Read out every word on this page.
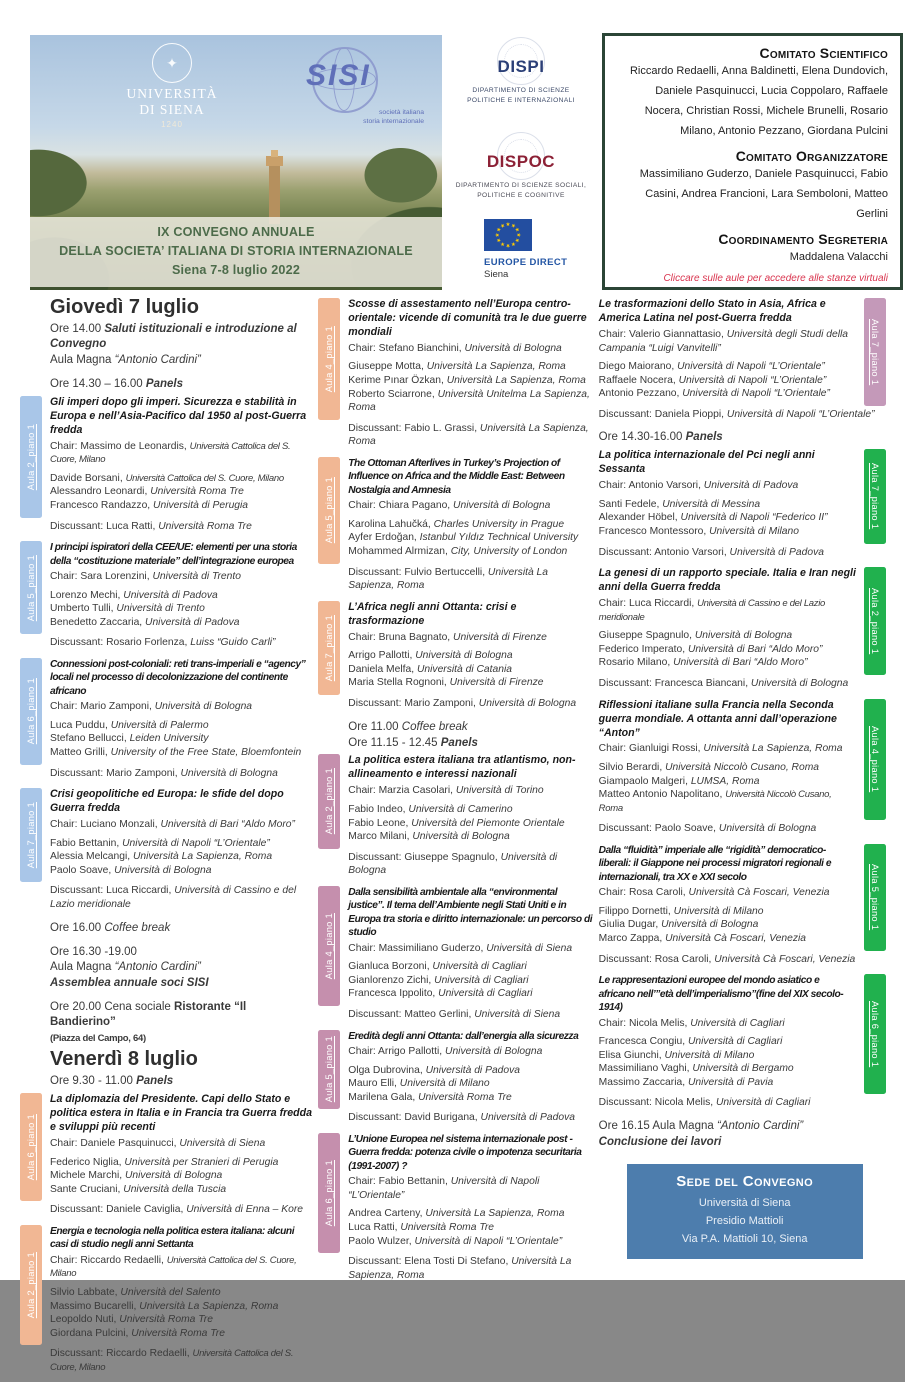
✦
UNIVERSITÀ
DI SIENA
1240
SISI
società italiana
storia internazionale
IX CONVEGNO ANNUALE
DELLA SOCIETA’ ITALIANA DI STORIA INTERNAZIONALE
Siena 7-8 luglio 2022
DISPI
DIPARTIMENTO DI SCIENZE
POLITICHE E INTERNAZIONALI
DISPOC
DIPARTIMENTO DI SCIENZE SOCIALI,
POLITICHE E COGNITIVE
★
★
★
★
★
★
★
★
★
★
★
★
EUROPE DIRECT
Siena
Comitato Scientifico
Riccardo Redaelli, Anna Baldinetti, Elena Dundovich, Daniele Pasquinucci, Lucia Coppolaro, Raffaele Nocera, Christian Rossi, Michele Brunelli, Rosario Milano, Antonio Pezzano, Giordana Pulcini
Comitato Organizzatore
Massimiliano Guderzo, Daniele Pasquinucci, Fabio Casini, Andrea Francioni, Lara Semboloni, Matteo Gerlini
Coordinamento Segreteria
Maddalena Valacchi
Cliccare sulle aule per accedere alle stanze virtuali
Giovedì 7 luglio
Ore 14.00 Saluti istituzionali e introduzione al Convegno
Aula Magna “Antonio Cardini”
Ore 14.30 – 16.00 Panels
Aula 2_piano 1
Gli imperi dopo gli imperi. Sicurezza e stabilità in Europa e nell’Asia-Pacifico dal 1950 al post-Guerra fredda
Chair: Massimo de Leonardis, Università Cattolica del S. Cuore, Milano
Davide Borsani, Università Cattolica del S. Cuore, Milano
Alessandro Leonardi, Università Roma Tre
Francesco Randazzo, Università di Perugia
Discussant: Luca Ratti, Università Roma Tre
Aula 5_piano 1
I principi ispiratori della CEE/UE: elementi per una storia della “costituzione materiale” dell’integrazione europea
Chair: Sara Lorenzini, Università di Trento
Lorenzo Mechi, Università di Padova
Umberto Tulli, Università di Trento
Benedetto Zaccaria, Università di Padova
Discussant: Rosario Forlenza, Luiss “Guido Carli”
Aula 6_piano 1
Connessioni post-coloniali: reti trans-imperiali e “agency” locali nel processo di decolonizzazione del continente africano
Chair: Mario Zamponi, Università di Bologna
Luca Puddu, Università di Palermo
Stefano Bellucci, Leiden University
Matteo Grilli, University of the Free State, Bloemfontein
Discussant: Mario Zamponi, Università di Bologna
Aula 7_piano 1
Crisi geopolitiche ed Europa: le sfide del dopo Guerra fredda
Chair: Luciano Monzali, Università di Bari “Aldo Moro”
Fabio Bettanin, Università di Napoli “L’Orientale”
Alessia Melcangi, Università La Sapienza, Roma
Paolo Soave, Università di Bologna
Discussant: Luca Riccardi, Università di Cassino e del Lazio meridionale
Ore 16.00 Coffee break
Ore 16.30 -19.00
Aula Magna “Antonio Cardini”
Assemblea annuale soci SISI
Ore 20.00 Cena sociale Ristorante “Il Bandierino”
(Piazza del Campo, 64)
Venerdì 8 luglio
Ore 9.30 - 11.00 Panels
Aula 6_piano 1
La diplomazia del Presidente. Capi dello Stato e politica estera in Italia e in Francia tra Guerra fredda e sviluppi più recenti
Chair: Daniele Pasquinucci, Università di Siena
Federico Niglia, Università per Stranieri di Perugia
Michele Marchi, Università di Bologna
Sante Cruciani, Università della Tuscia
Discussant: Daniele Caviglia, Università di Enna – Kore
Aula 2_piano 1
Energia e tecnologia nella politica estera italiana: alcuni casi di studio negli anni Settanta
Chair: Riccardo Redaelli, Università Cattolica del S. Cuore, Milano
Silvio Labbate, Università del Salento
Massimo Bucarelli, Università La Sapienza, Roma
Leopoldo Nuti, Università Roma Tre
Giordana Pulcini, Università Roma Tre
Discussant: Riccardo Redaelli, Università Cattolica del S. Cuore, Milano
Aula 4_piano 1
Scosse di assestamento nell’Europa centro-orientale: vicende di comunità tra le due guerre mondiali
Chair: Stefano Bianchini, Università di Bologna
Giuseppe Motta, Università La Sapienza, Roma
Kerime Pınar Özkan, Università La Sapienza, Roma
Roberto Sciarrone, Università Unitelma La Sapienza, Roma
Discussant: Fabio L. Grassi, Università La Sapienza, Roma
Aula 5_piano 1
The Ottoman Afterlives in Turkey’s Projection of Influence on Africa and the Middle East: Between Nostalgia and Amnesia
Chair: Chiara Pagano, Università di Bologna
Karolina Lahučká, Charles University in Prague
Ayfer Erdoğan, Istanbul Yıldız Technical University
Mohammed Alrmizan, City, University of London
Discussant: Fulvio Bertuccelli, Università La Sapienza, Roma
Aula 7_piano 1
L’Africa negli anni Ottanta: crisi e trasformazione
Chair: Bruna Bagnato, Università di Firenze
Arrigo Pallotti, Università di Bologna
Daniela Melfa, Università di Catania
Maria Stella Rognoni, Università di Firenze
Discussant: Mario Zamponi, Università di Bologna
Ore 11.00 Coffee break
Ore 11.15 - 12.45 Panels
Aula 2_piano 1
La politica estera italiana tra atlantismo, non-allineamento e interessi nazionali
Chair: Marzia Casolari, Università di Torino
Fabio Indeo, Università di Camerino
Fabio Leone, Università del Piemonte Orientale
Marco Milani, Università di Bologna
Discussant: Giuseppe Spagnulo, Università di Bologna
Aula 4_piano 1
Dalla sensibilità ambientale alla “environmental justice”. Il tema dell’Ambiente negli Stati Uniti e in Europa tra storia e diritto internazionale: un percorso di studio
Chair: Massimiliano Guderzo, Università di Siena
Gianluca Borzoni, Università di Cagliari
Gianlorenzo Zichi, Università di Cagliari
Francesca Ippolito, Università di Cagliari
Discussant: Matteo Gerlini, Università di Siena
Aula 5_piano 1
Eredità degli anni Ottanta: dall’energia alla sicurezza
Chair: Arrigo Pallotti, Università di Bologna
Olga Dubrovina, Università di Padova
Mauro Elli, Università di Milano
Marilena Gala, Università Roma Tre
Discussant: David Burigana, Università di Padova
Aula 6_piano 1
L’Unione Europea nel sistema internazionale post - Guerra fredda: potenza civile o impotenza securitaria (1991-2007) ?
Chair: Fabio Bettanin, Università di Napoli “L’Orientale”
Andrea Carteny, Università La Sapienza, Roma
Luca Ratti, Università Roma Tre
Paolo Wulzer, Università di Napoli “L’Orientale”
Discussant: Elena Tosti Di Stefano, Università La Sapienza, Roma
Le trasformazioni dello Stato in Asia, Africa e America Latina nel post-Guerra fredda
Chair: Valerio Giannattasio, Università degli Studi della Campania “Luigi Vanvitelli”
Diego Maiorano, Università di Napoli “L’Orientale”
Raffaele Nocera, Università di Napoli “L’Orientale”
Antonio Pezzano, Università di Napoli “L’Orientale”
Aula 7_piano 1
Discussant: Daniela Pioppi, Università di Napoli “L’Orientale”
Ore 14.30-16.00 Panels
La politica internazionale del Pci negli anni Sessanta
Chair: Antonio Varsori, Università di Padova
Santi Fedele, Università di Messina
Alexander Höbel, Università di Napoli “Federico II”
Francesco Montessoro, Università di Milano
Aula 7_piano 1
Discussant: Antonio Varsori, Università di Padova
La genesi di un rapporto speciale. Italia e Iran negli anni della Guerra fredda
Chair: Luca Riccardi, Università di Cassino e del Lazio meridionale
Giuseppe Spagnulo, Università di Bologna
Federico Imperato, Università di Bari “Aldo Moro”
Rosario Milano, Università di Bari “Aldo Moro”
Aula 2_piano 1
Discussant: Francesca Biancani, Università di Bologna
Riflessioni italiane sulla Francia nella Seconda guerra mondiale. A ottanta anni dall’operazione “Anton”
Chair: Gianluigi Rossi, Università La Sapienza, Roma
Silvio Berardi, Università Niccolò Cusano, Roma
Giampaolo Malgeri, LUMSA, Roma
Matteo Antonio Napolitano, Università Niccolò Cusano, Roma
Aula 4_piano 1
Discussant: Paolo Soave, Università di Bologna
Dalla “fluidità” imperiale alle “rigidità” democratico-liberali: il Giappone nei processi migratori regionali e internazionali, tra XX e XXI secolo
Chair: Rosa Caroli, Università Cà Foscari, Venezia
Filippo Dornetti, Università di Milano
Giulia Dugar, Università di Bologna
Marco Zappa, Università Cà Foscari, Venezia
Aula 5_piano 1
Discussant: Rosa Caroli, Università Cà Foscari, Venezia
Le rappresentazioni europee del mondo asiatico e africano nell’”età dell’imperialismo”(fine del XIX secolo-1914)
Chair: Nicola Melis, Università di Cagliari
Francesca Congiu, Università di Cagliari
Elisa Giunchi, Università di Milano
Massimiliano Vaghi, Università di Bergamo
Massimo Zaccaria, Università di Pavia
Aula 6_piano 1
Discussant: Nicola Melis, Università di Cagliari
Ore 16.15 Aula Magna “Antonio Cardini”
Conclusione dei lavori
Sede del Convegno
Università di Siena
Presidio Mattioli
Via P.A. Mattioli 10, Siena
